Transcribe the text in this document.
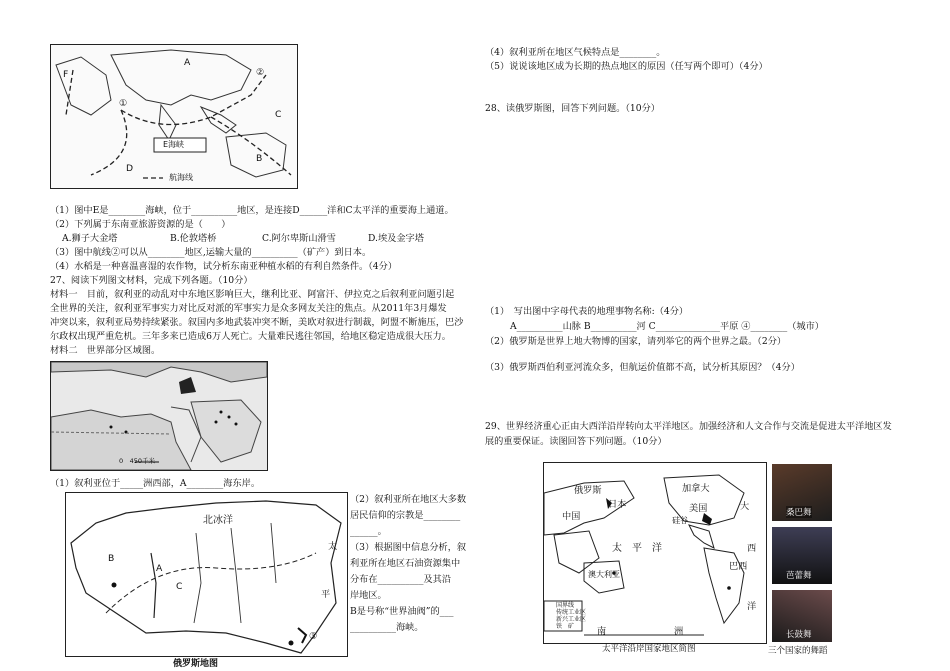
A
F	②
①
E海峡
C
B
D
航海线
（1）图中E是________海峡，位于__________地区，是连接D______洋和C太平洋的重要海上通道。
（2）下列属于东南亚旅游资源的是（　　）
A.狮子大金塔	B.伦敦塔桥	C.阿尔卑斯山滑雪	D.埃及金字塔
（3）图中航线②可以从________地区,运输大量的__________（矿产）到日本。
（4）水稻是一种喜温喜湿的农作物，试分析东南亚种植水稻的有利自然条件。（4分）
27、阅读下列图文材料，完成下列各题。（10分）
材料一　目前，叙利亚的动乱对中东地区影响巨大，继利比亚、阿富汗、伊拉克之后叙利亚问题引起
全世界的关注，叙利亚军事实力对比反对派的军事实力是众多网友关注的焦点。从2011年3月爆发
冲突以来，叙利亚局势持续紧张。叙国内多地武装冲突不断，美欧对叙进行制裁，阿盟不断施压，巴沙
尔政权出现严重危机。三年多来已造成6万人死亡。大量难民逃往邻国，给地区稳定造成很大压力。
材料二　世界部分区域图。
0　450千米
（1）叙利亚位于_____洲西部，A________海东岸。
北冰洋
太
平
A
B
C
③
俄罗斯地图
（2）叙利亚所在地区大多数
居民信仰的宗教是________
______。
（3）根据图中信息分析，叙
利亚所在地区石油资源集中
分布在__________及其沿
岸地区。
B是号称“世界油阀”的___
__________海峡。
（4）叙利亚所在地区气候特点是________。
（5）说说该地区成为长期的热点地区的原因（任写两个即可）（4分）
28、读俄罗斯图，回答下列问题。（10分）
（1）　写出图中字母代表的地理事物名称:（4分）
A__________山脉 B__________河 C______________平原 ④________（城市）
（2）俄罗斯是世界上地大物博的国家，请列举它的两个世界之最。（2分）
（3）俄罗斯西伯利亚河流众多，但航运价值都不高，试分析其原因？（4分）
29、世界经济重心正由大西洋沿岸转向太平洋地区。加强经济和人文合作与交流是促进太平洋地区发
展的重要保证。读图回答下列问题。（10分）
俄罗斯	加拿大
中国
日本	美国	大
硅谷
太　平　洋	西
巴西
澳大利亚
洋
南	洲
国界线
传统工业区
新兴工业区
铁　矿
太平洋沿岸国家地区简图
桑巴舞
芭蕾舞
长鼓舞
三个国家的舞蹈
